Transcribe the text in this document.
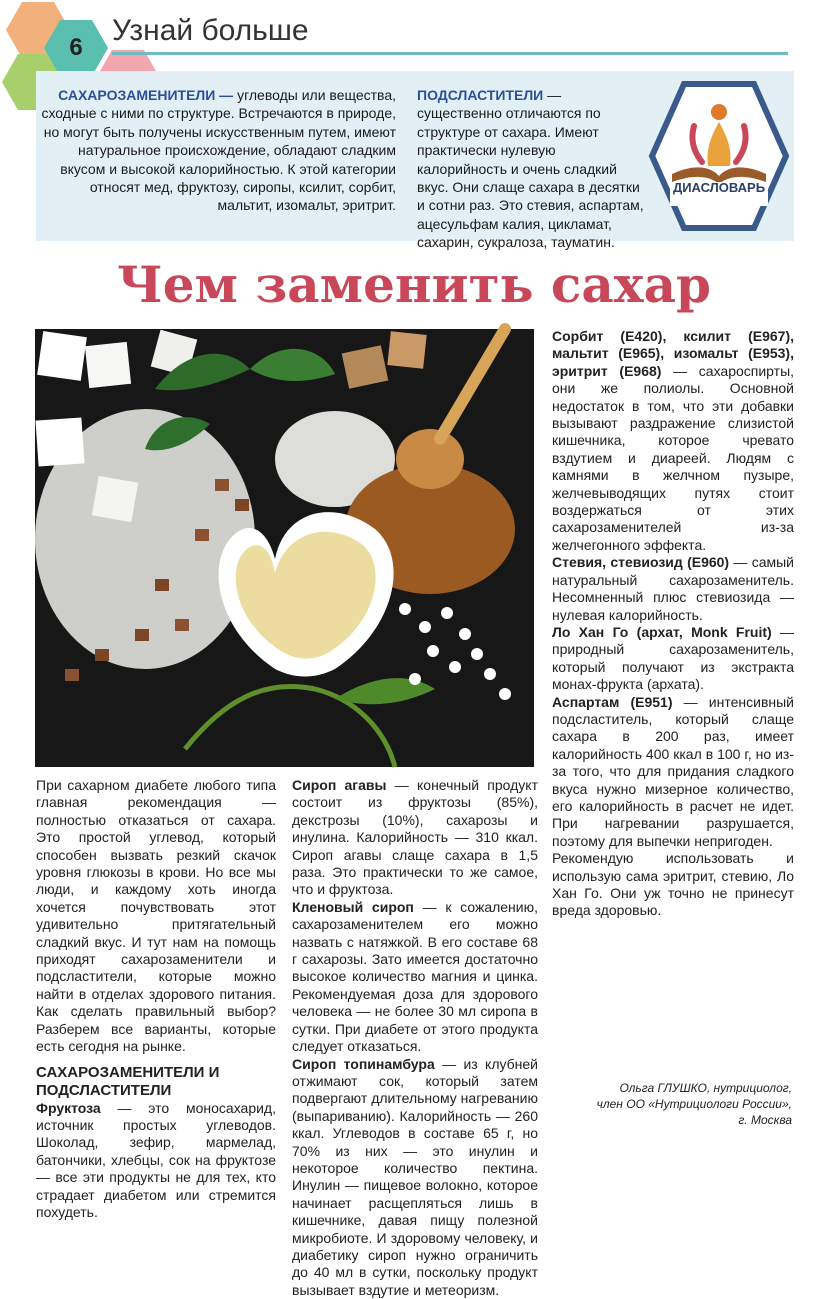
6
Узнай больше
САХАРОЗАМЕНИТЕЛИ — углеводы или вещества, сходные с ними по структуре. Встречаются в природе, но могут быть получены искусственным путем, имеют натуральное происхождение, обладают сладким вкусом и высокой калорийностью. К этой категории относят мед, фруктозу, сиропы, ксилит, сорбит, мальтит, изомальт, эритрит.
ПОДСЛАСТИТЕЛИ — существенно отличаются по структуре от сахара. Имеют практически нулевую калорийность и очень сладкий вкус. Они слаще сахара в десятки и сотни раз. Это стевия, аспартам, ацесульфам калия, цикламат, сахарин, сукралоза, тауматин.
ДИАСЛОВАРЬ
Чем заменить сахар

При сахарном диабете любого типа главная рекомендация — полностью отказаться от сахара. Это простой углевод, который способен вызвать резкий скачок уровня глюкозы в крови. Но все мы люди, и каждому хоть иногда хочется почувствовать этот удивительно притягательный сладкий вкус. И тут нам на помощь приходят сахарозаменители и подсластители, которые можно найти в отделах здорового питания. Как сделать правильный выбор? Разберем все варианты, которые есть сегодня на рынке.

САХАРОЗАМЕНИТЕЛИ И ПОДСЛАСТИТЕЛИ

Фруктоза — это моносахарид, источник простых углеводов. Шоколад, зефир, мармелад, батончики, хлебцы, сок на фруктозе — все эти продукты не для тех, кто страдает диабетом или стремится похудеть.

Сироп агавы — конечный продукт состоит из фруктозы (85%), декстрозы (10%), сахарозы и инулина. Калорийность — 310 ккал. Сироп агавы слаще сахара в 1,5 раза. Это практически то же самое, что и фруктоза.

Кленовый сироп — к сожалению, сахарозаменителем его можно назвать с натяжкой. В его составе 68 г сахарозы. Зато имеется достаточно высокое количество магния и цинка. Рекомендуемая доза для здорового человека — не более 30 мл сиропа в сутки. При диабете от этого продукта следует отказаться.

Сироп топинамбура — из клубней отжимают сок, который затем подвергают длительному нагреванию (выпариванию). Калорийность — 260 ккал. Углеводов в составе 65 г, но 70% из них — это инулин и некоторое количество пектина. Инулин — пищевое волокно, которое начинает расщепляться лишь в кишечнике, давая пищу полезной микробиоте. И здоровому человеку, и диабетику сироп нужно ограничить до 40 мл в сутки, поскольку продукт вызывает вздутие и метеоризм.

Сорбит (Е420), ксилит (Е967), мальтит (Е965), изомальт (Е953), эритрит (Е968) — сахароспирты, они же полиолы. Основной недостаток в том, что эти добавки вызывают раздражение слизистой кишечника, которое чревато вздутием и диареей. Людям с камнями в желчном пузыре, желчевыводящих путях стоит воздержаться от этих сахарозаменителей из-за желчегонного эффекта.

Стевия, стевиозид (Е960) — самый натуральный сахарозаменитель. Несомненный плюс стевиозида — нулевая калорийность.

Ло Хан Го (архат, Monk Fruit) — природный сахарозаменитель, который получают из экстракта монах-фрукта (архата).

Аспартам (Е951) — интенсивный подсластитель, который слаще сахара в 200 раз, имеет калорийность 400 ккал в 100 г, но из-за того, что для придания сладкого вкуса нужно мизерное количество, его калорийность в расчет не идет. При нагревании разрушается, поэтому для выпечки непригоден.

Рекомендую использовать и использую сама эритрит, стевию, Ло Хан Го. Они уж точно не принесут вреда здоровью.

Ольга ГЛУШКО, нутрициолог,
член ОО «Нутрициологи России»,
г. Москва
